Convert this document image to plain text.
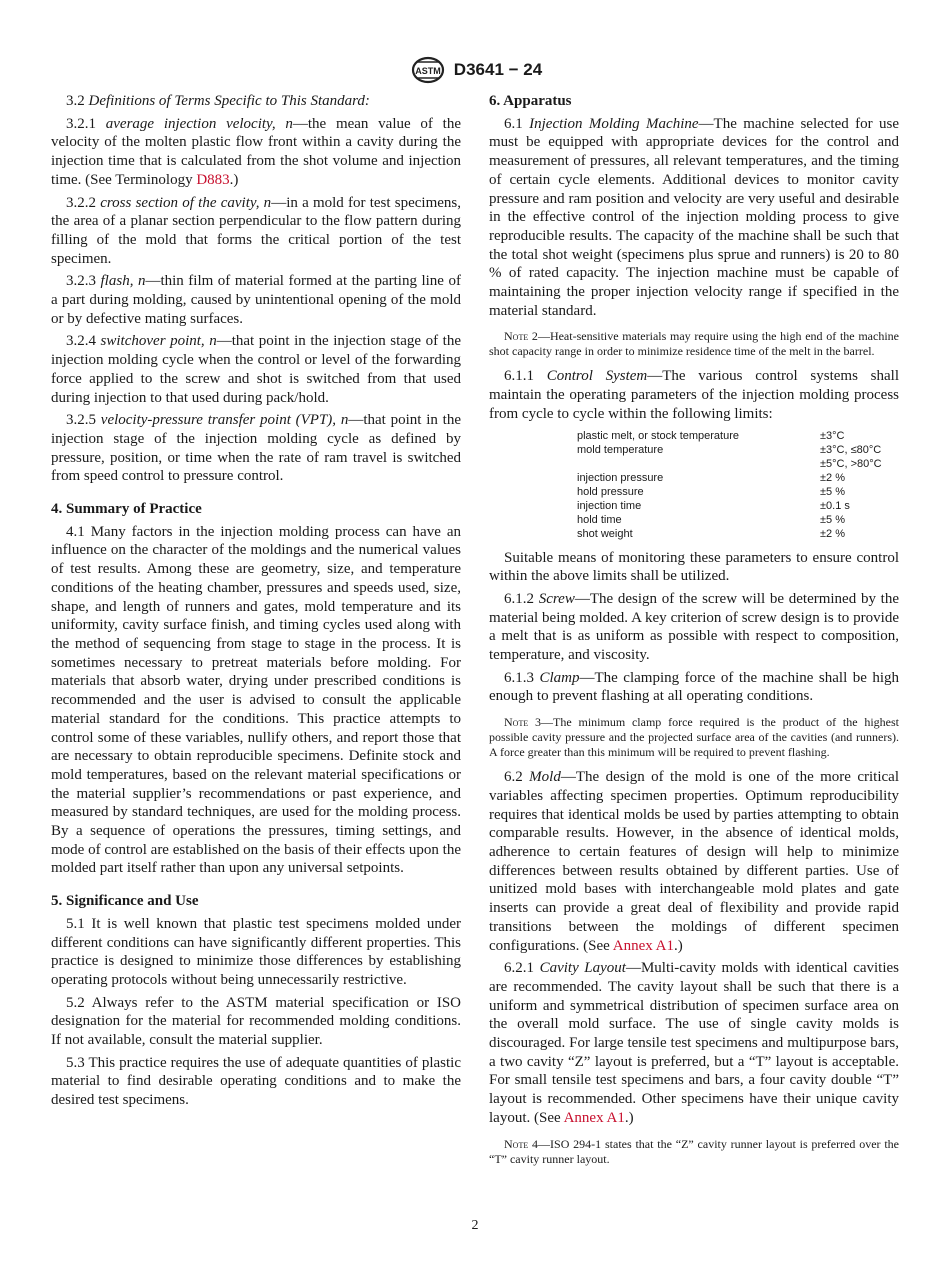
ASTM D3641 − 24

3.2 Definitions of Terms Specific to This Standard:

3.2.1 average injection velocity, n—the mean value of the velocity of the molten plastic flow front within a cavity during the injection time that is calculated from the shot volume and injection time. (See Terminology D883.)

3.2.2 cross section of the cavity, n—in a mold for test specimens, the area of a planar section perpendicular to the flow pattern during filling of the mold that forms the critical portion of the test specimen.

3.2.3 flash, n—thin film of material formed at the parting line of a part during molding, caused by unintentional opening of the mold or by defective mating surfaces.

3.2.4 switchover point, n—that point in the injection stage of the injection molding cycle when the control or level of the forwarding force applied to the screw and shot is switched from that used during injection to that used during pack/hold.

3.2.5 velocity-pressure transfer point (VPT), n—that point in the injection stage of the injection molding cycle as defined by pressure, position, or time when the rate of ram travel is switched from speed control to pressure control.

4. Summary of Practice

4.1 Many factors in the injection molding process can have an influence on the character of the moldings and the numerical values of test results. Among these are geometry, size, and temperature conditions of the heating chamber, pressures and speeds used, size, shape, and length of runners and gates, mold temperature and its uniformity, cavity surface finish, and timing cycles used along with the method of sequencing from stage to stage in the process. It is sometimes necessary to pretreat materials before molding. For materials that absorb water, drying under prescribed conditions is recommended and the user is advised to consult the applicable material standard for the conditions. This practice attempts to control some of these variables, nullify others, and report those that are necessary to obtain reproducible specimens. Definite stock and mold temperatures, based on the relevant material specifications or the material supplier’s recommendations or past experience, and measured by standard techniques, are used for the molding process. By a sequence of operations the pressures, timing settings, and mode of control are established on the basis of their effects upon the molded part itself rather than upon any universal setpoints.

5. Significance and Use

5.1 It is well known that plastic test specimens molded under different conditions can have significantly different properties. This practice is designed to minimize those differences by establishing operating protocols without being unnecessarily restrictive.

5.2 Always refer to the ASTM material specification or ISO designation for the material for recommended molding conditions. If not available, consult the material supplier.

5.3 This practice requires the use of adequate quantities of plastic material to find desirable operating conditions and to make the desired test specimens.

6. Apparatus

6.1 Injection Molding Machine—The machine selected for use must be equipped with appropriate devices for the control and measurement of pressures, all relevant temperatures, and the timing of certain cycle elements. Additional devices to monitor cavity pressure and ram position and velocity are very useful and desirable in the effective control of the injection molding process to give reproducible results. The capacity of the machine shall be such that the total shot weight (specimens plus sprue and runners) is 20 to 80 % of rated capacity. The injection machine must be capable of maintaining the proper injection velocity range if specified in the material standard.

Note 2—Heat-sensitive materials may require using the high end of the machine shot capacity range in order to minimize residence time of the melt in the barrel.

6.1.1 Control System—The various control systems shall maintain the operating parameters of the injection molding process from cycle to cycle within the following limits:

plastic melt, or stock temperature	±3°C
mold temperature	±3°C, ≤80°C
	±5°C, >80°C
injection pressure	±2 %
hold pressure	±5 %
injection time	±0.1 s
hold time	±5 %
shot weight	±2 %

Suitable means of monitoring these parameters to ensure control within the above limits shall be utilized.

6.1.2 Screw—The design of the screw will be determined by the material being molded. A key criterion of screw design is to provide a melt that is as uniform as possible with respect to composition, temperature, and viscosity.

6.1.3 Clamp—The clamping force of the machine shall be high enough to prevent flashing at all operating conditions.

Note 3—The minimum clamp force required is the product of the highest possible cavity pressure and the projected surface area of the cavities (and runners). A force greater than this minimum will be required to prevent flashing.

6.2 Mold—The design of the mold is one of the more critical variables affecting specimen properties. Optimum reproducibility requires that identical molds be used by parties attempting to obtain comparable results. However, in the absence of identical molds, adherence to certain features of design will help to minimize differences between results obtained by different parties. Use of unitized mold bases with interchangeable mold plates and gate inserts can provide a great deal of flexibility and provide rapid transitions between the moldings of different specimen configurations. (See Annex A1.)

6.2.1 Cavity Layout—Multi-cavity molds with identical cavities are recommended. The cavity layout shall be such that there is a uniform and symmetrical distribution of specimen surface area on the overall mold surface. The use of single cavity molds is discouraged. For large tensile test specimens and multipurpose bars, a two cavity “Z” layout is preferred, but a “T” layout is acceptable. For small tensile test specimens and bars, a four cavity double “T” layout is recommended. Other specimens have their unique cavity layout. (See Annex A1.)

Note 4—ISO 294-1 states that the “Z” cavity runner layout is preferred over the “T” cavity runner layout.
2
